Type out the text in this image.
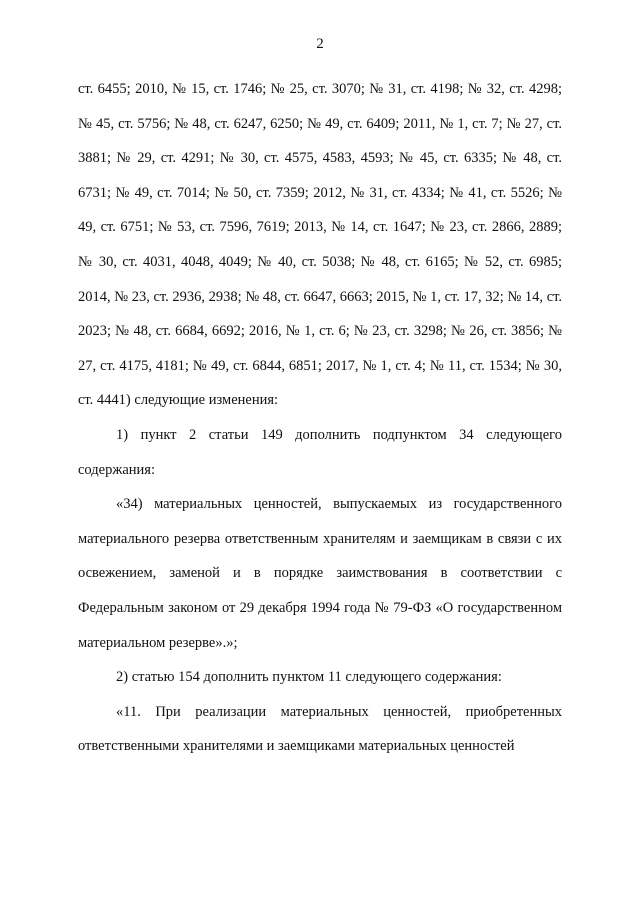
2

ст. 6455; 2010, № 15, ст. 1746; № 25, ст. 3070; № 31, ст. 4198; № 32, ст. 4298; № 45, ст. 5756; № 48, ст. 6247, 6250; № 49, ст. 6409; 2011, № 1, ст. 7; № 27, ст. 3881; № 29, ст. 4291; № 30, ст. 4575, 4583, 4593; № 45, ст. 6335; № 48, ст. 6731; № 49, ст. 7014; № 50, ст. 7359; 2012, № 31, ст. 4334; № 41, ст. 5526; № 49, ст. 6751; № 53, ст. 7596, 7619; 2013, № 14, ст. 1647; № 23, ст. 2866, 2889; № 30, ст. 4031, 4048, 4049; № 40, ст. 5038; № 48, ст. 6165; № 52, ст. 6985; 2014, № 23, ст. 2936, 2938; № 48, ст. 6647, 6663; 2015, № 1, ст. 17, 32; № 14, ст. 2023; № 48, ст. 6684, 6692; 2016, № 1, ст. 6; № 23, ст. 3298; № 26, ст. 3856; № 27, ст. 4175, 4181; № 49, ст. 6844, 6851; 2017, № 1, ст. 4; № 11, ст. 1534; № 30, ст. 4441) следующие изменения:

1) пункт 2 статьи 149 дополнить подпунктом 34 следующего содержания:

«34) материальных ценностей, выпускаемых из государственного материального резерва ответственным хранителям и заемщикам в связи с их освежением, заменой и в порядке заимствования в соответствии с Федеральным законом от 29 декабря 1994 года № 79-ФЗ «О государственном материальном резерве».»;

2) статью 154 дополнить пунктом 11 следующего содержания:

«11. При реализации материальных ценностей, приобретенных ответственными хранителями и заемщиками материальных ценностей
